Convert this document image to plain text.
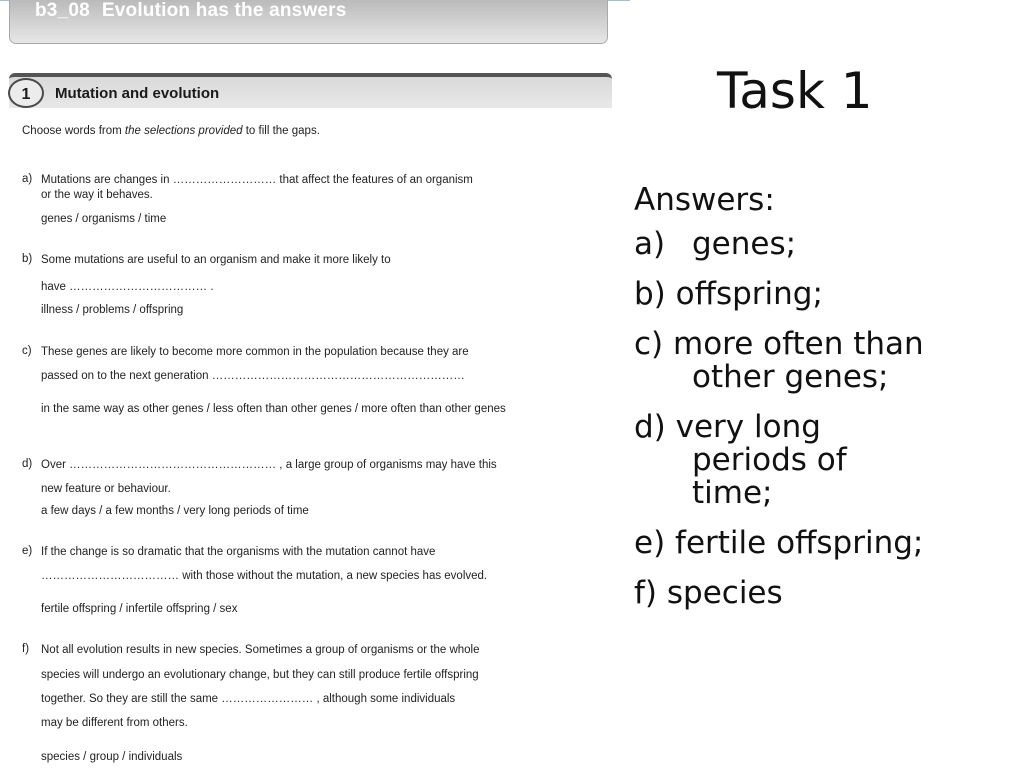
b3_08 Evolution has the answers
1	Mutation and evolution
Choose words from the selections provided to fill the gaps.
a) Mutations are changes in ……………………… that affect the features of an organism
or the way it behaves.
genes / organisms / time
b) Some mutations are useful to an organism and make it more likely to
have ……………………………… .
illness / problems / offspring
c) These genes are likely to become more common in the population because they are
passed on to the next generation …………………………………………………………
in the same way as other genes / less often than other genes / more often than other genes
d) Over ……………………………………………… , a large group of organisms may have this
new feature or behaviour.
a few days / a few months / very long periods of time
e) If the change is so dramatic that the organisms with the mutation cannot have
……………………………… with those without the mutation, a new species has evolved.
fertile offspring / infertile offspring / sex
f) Not all evolution results in new species. Sometimes a group of organisms or the whole
species will undergo an evolutionary change, but they can still produce fertile offspring
together. So they are still the same …………………… , although some individuals
may be different from others.
species / group / individuals
Task 1
Answers:
a) genes;
b) offspring;
c) more often than other genes;
d) very long periods of time;
e) fertile offspring;
f) species
